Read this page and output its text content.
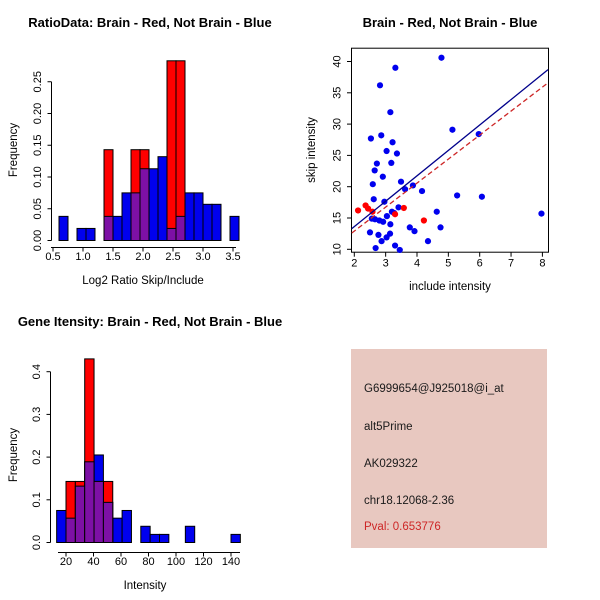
0.5 1.0 1.5 2.0 2.5 3.0 3.5
0.00
0.05
0.10
0.15
0.20
0.25
2 3 4 5 6 7 8
10
15
20
25
30
35
40
20 40 60 80 100 120 140
0.0
0.1
0.2
0.3
0.4
RatioData: Brain - Red, Not Brain - Blue	Brain - Red, Not Brain - Blue
Gene Itensity: Brain - Red, Not Brain - Blue
Log2 Ratio Skip/Include
Frequency
include intensity
skip intensity
Intensity
Frequency
G6999654@J925018@i_at
alt5Prime
AK029322
chr18.12068-2.36
Pval: 0.653776
